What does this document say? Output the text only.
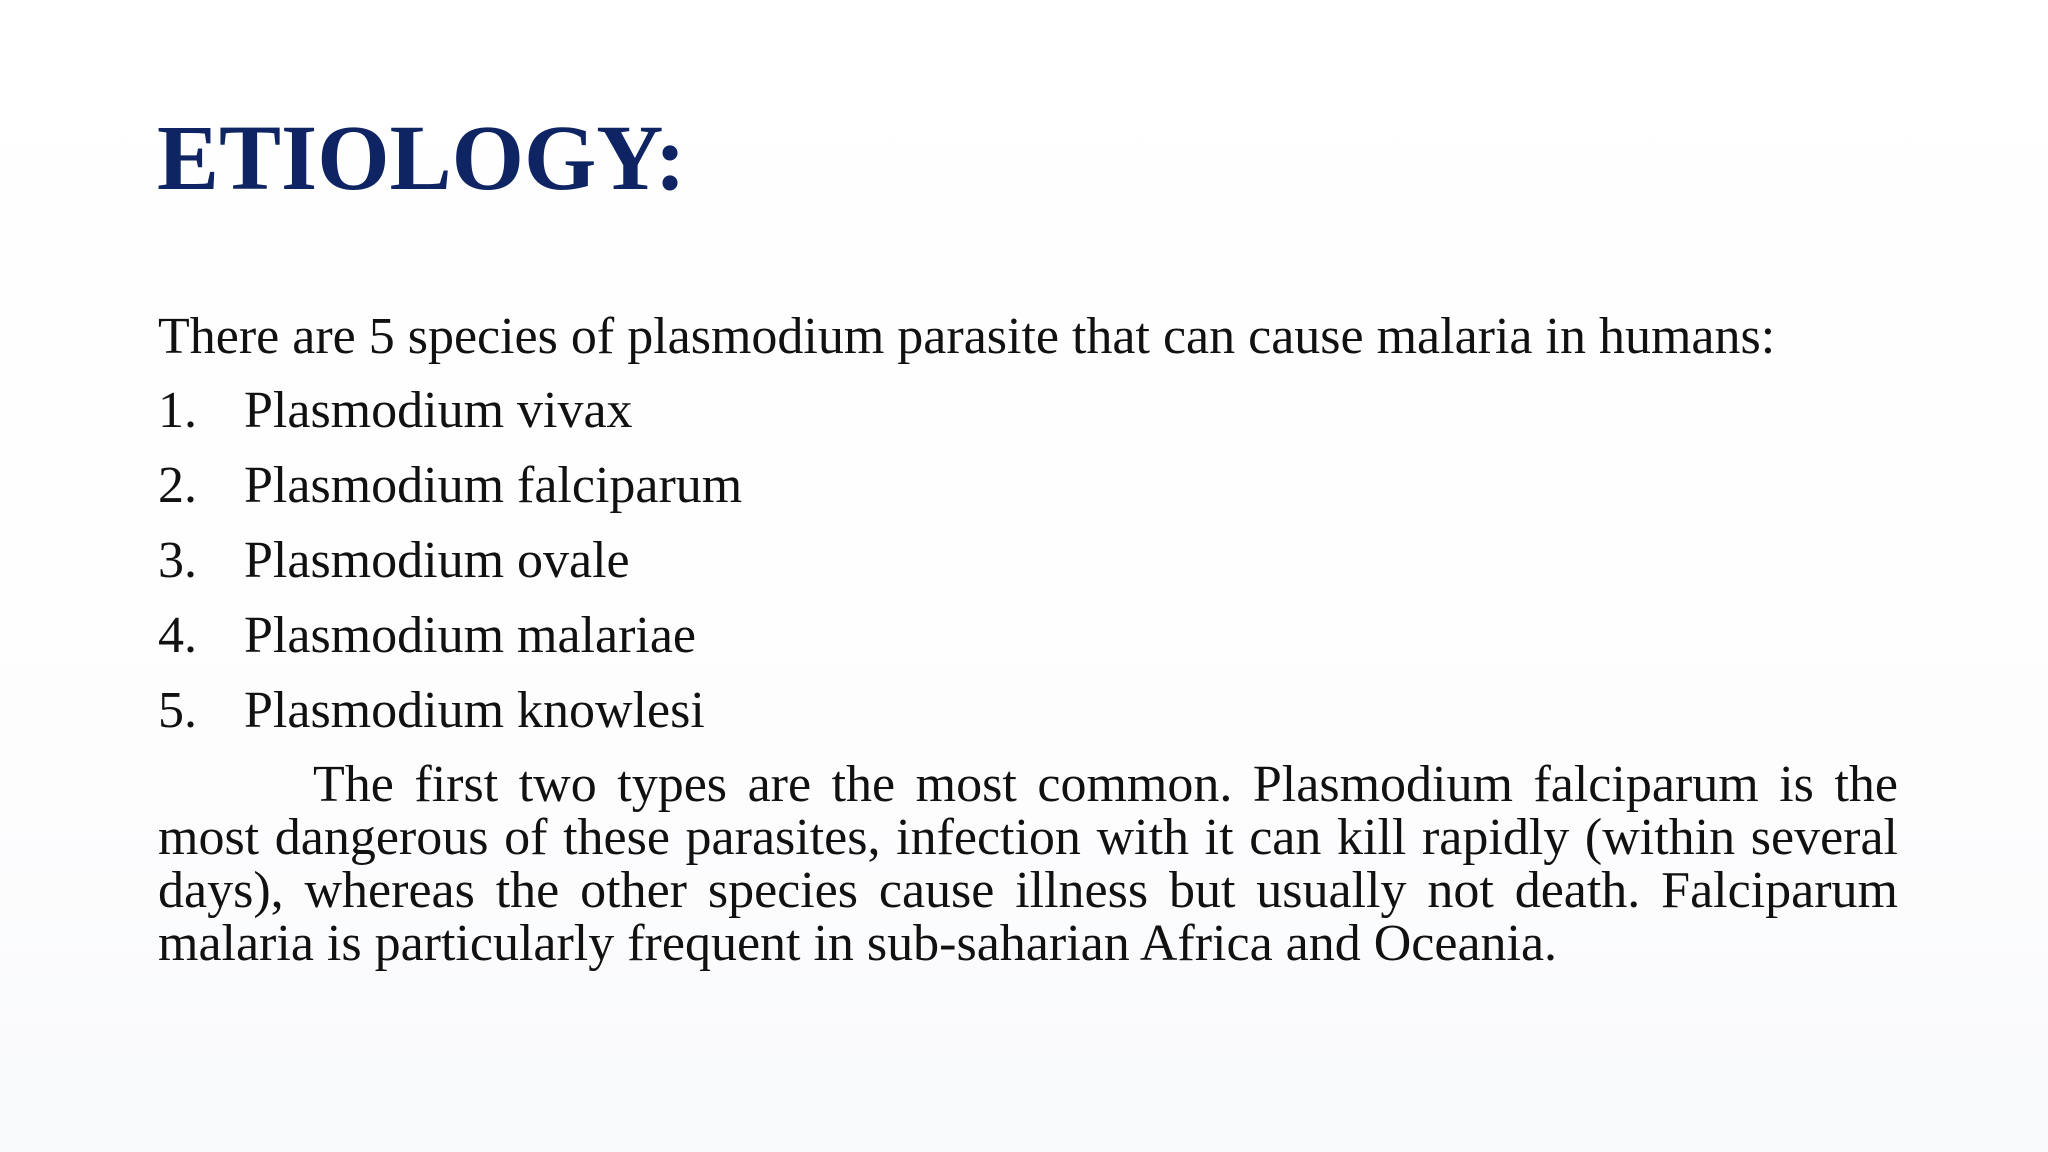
ETIOLOGY:

There are 5 species of plasmodium parasite that can cause malaria in humans:

1. Plasmodium vivax
2. Plasmodium falciparum
3. Plasmodium ovale
4. Plasmodium malariae
5. Plasmodium knowlesi

The first two types are the most common. Plasmodium falciparum is the most dangerous of these parasites, infection with it can kill rapidly (within several days), whereas the other species cause illness but usually not death. Falciparum malaria is particularly frequent in sub-saharian Africa and Oceania.
